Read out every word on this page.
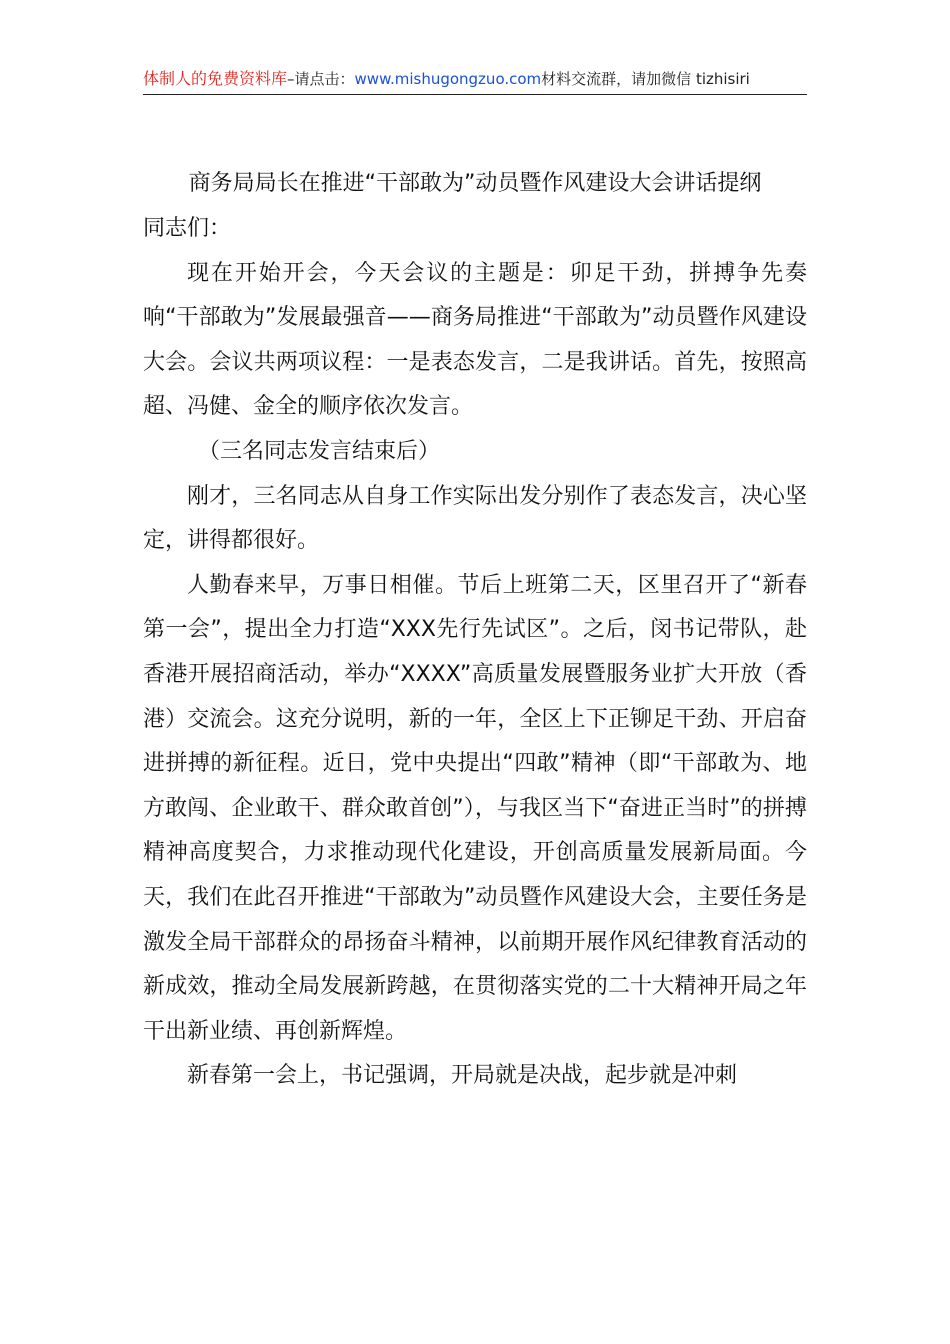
体制人的免费资料库–请点击：www.mishugongzuo.com材料交流群，请加微信 tizhisiri
商务局局长在推进“干部敢为”动员暨作风建设大会讲话提纲

同志们：

现在开始开会，今天会议的主题是：卯足干劲，拼搏争先奏响“干部敢为”发展最强音——商务局推进“干部敢为”动员暨作风建设大会。会议共两项议程：一是表态发言，二是我讲话。首先，按照高超、冯健、金全的顺序依次发言。

（三名同志发言结束后）

刚才，三名同志从自身工作实际出发分别作了表态发言，决心坚定，讲得都很好。

人勤春来早，万事日相催。节后上班第二天，区里召开了“新春第一会”，提出全力打造“XXX先行先试区”。之后，闵书记带队，赴香港开展招商活动，举办“XXXX”高质量发展暨服务业扩大开放（香港）交流会。这充分说明，新的一年，全区上下正铆足干劲、开启奋进拼搏的新征程。近日，党中央提出“四敢”精神（即“干部敢为、地方敢闯、企业敢干、群众敢首创”），与我区当下“奋进正当时”的拼搏精神高度契合，力求推动现代化建设，开创高质量发展新局面。今天，我们在此召开推进“干部敢为”动员暨作风建设大会，主要任务是激发全局干部群众的昂扬奋斗精神，以前期开展作风纪律教育活动的新成效，推动全局发展新跨越，在贯彻落实党的二十大精神开局之年干出新业绩、再创新辉煌。

新春第一会上，书记强调，开局就是决战，起步就是冲刺
